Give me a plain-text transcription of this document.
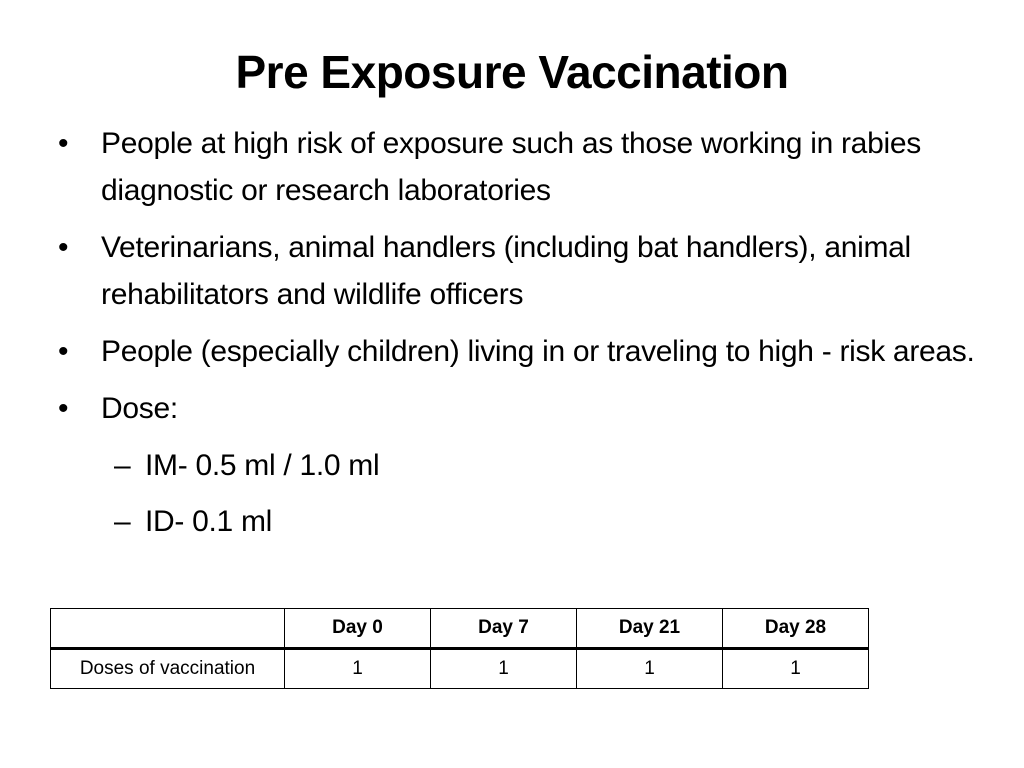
Pre Exposure Vaccination
• People at high risk of exposure such as those working in rabies diagnostic or research laboratories
• Veterinarians, animal handlers (including bat handlers), animal rehabilitators and wildlife officers
• People (especially children) living in or traveling to high - risk areas.
• Dose:
– IM- 0.5 ml / 1.0 ml
– ID- 0.1 ml
	Day 0	Day 7	Day 21	Day 28
Doses of vaccination	1	1	1	1
